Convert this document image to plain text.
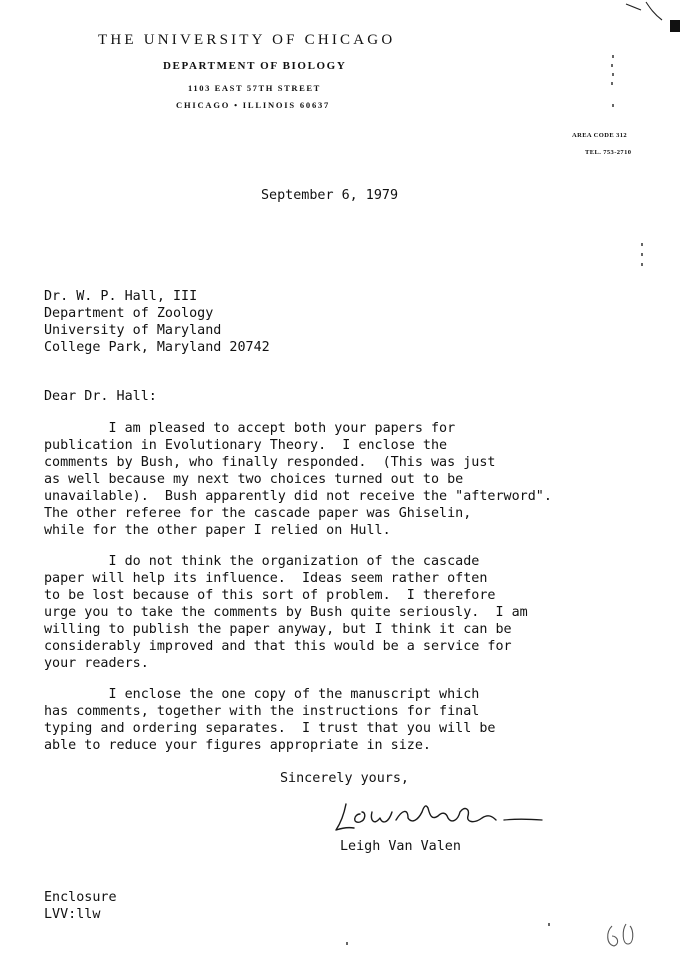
THE UNIVERSITY OF CHICAGO
DEPARTMENT OF BIOLOGY
1103 EAST 57TH STREET
CHICAGO • ILLINOIS 60637
AREA CODE 312
TEL. 753-2710
September 6, 1979
Dr. W. P. Hall, III
Department of Zoology
University of Maryland
College Park, Maryland 20742
Dear Dr. Hall:
I am pleased to accept both your papers for
publication in Evolutionary Theory.  I enclose the
comments by Bush, who finally responded.  (This was just
as well because my next two choices turned out to be
unavailable).  Bush apparently did not receive the "afterword".
The other referee for the cascade paper was Ghiselin,
while for the other paper I relied on Hull.
I do not think the organization of the cascade
paper will help its influence.  Ideas seem rather often
to be lost because of this sort of problem.  I therefore
urge you to take the comments by Bush quite seriously.  I am
willing to publish the paper anyway, but I think it can be
considerably improved and that this would be a service for
your readers.
I enclose the one copy of the manuscript which
has comments, together with the instructions for final
typing and ordering separates.  I trust that you will be
able to reduce your figures appropriate in size.
Sincerely yours,
Leigh Van Valen
Enclosure
LVV:llw
